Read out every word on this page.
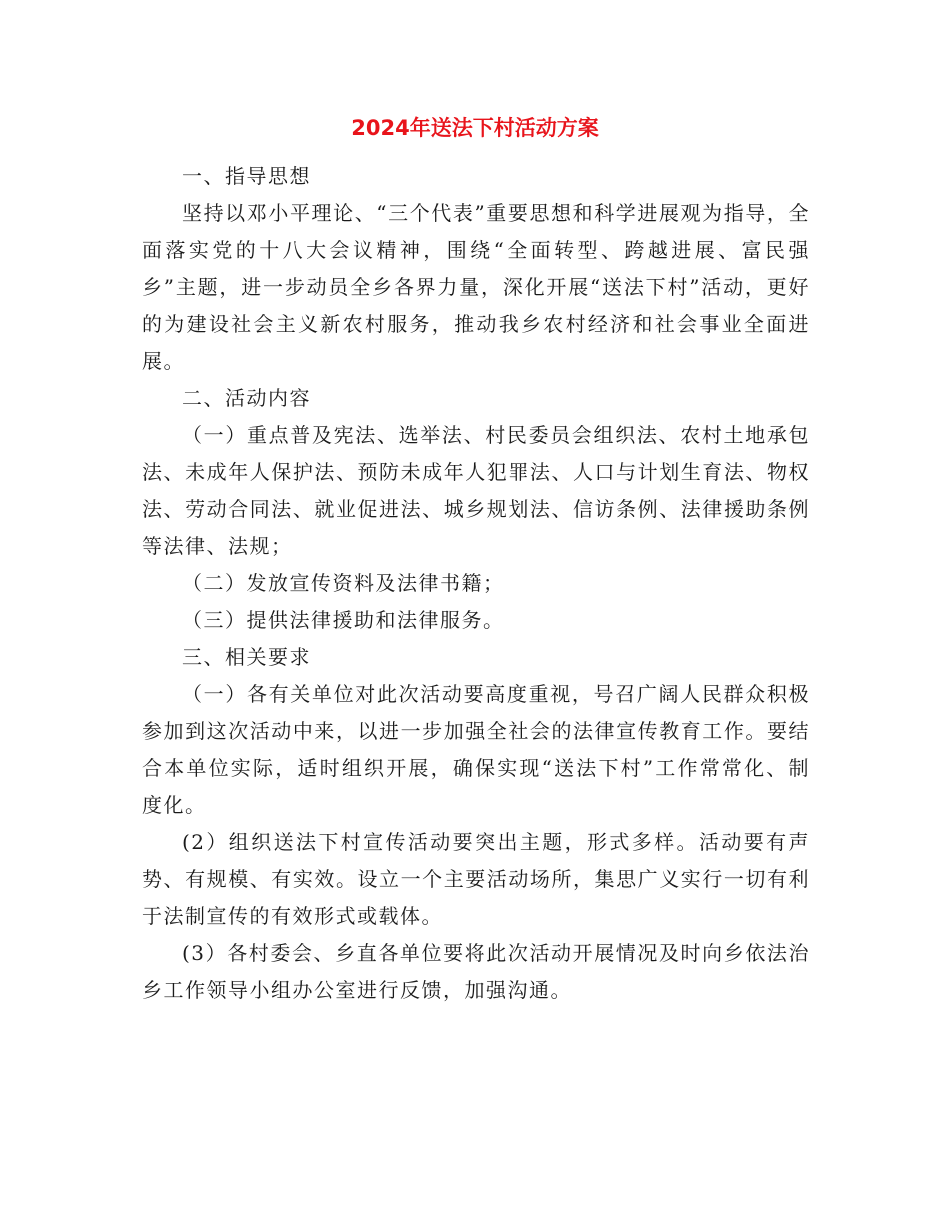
2024年送法下村活动方案

一、指导思想

坚持以邓小平理论、“三个代表”重要思想和科学进展观为指导，全面落实党的十八大会议精神，围绕“全面转型、跨越进展、富民强乡”主题，进一步动员全乡各界力量，深化开展“送法下村”活动，更好的为建设社会主义新农村服务，推动我乡农村经济和社会事业全面进展。

二、活动内容

（一）重点普及宪法、选举法、村民委员会组织法、农村土地承包法、未成年人保护法、预防未成年人犯罪法、人口与计划生育法、物权法、劳动合同法、就业促进法、城乡规划法、信访条例、法律援助条例等法律、法规；

（二）发放宣传资料及法律书籍；

（三）提供法律援助和法律服务。

三、相关要求

（一）各有关单位对此次活动要高度重视，号召广阔人民群众积极参加到这次活动中来，以进一步加强全社会的法律宣传教育工作。要结合本单位实际，适时组织开展，确保实现“送法下村”工作常常化、制度化。

(2）组织送法下村宣传活动要突出主题，形式多样。活动要有声势、有规模、有实效。设立一个主要活动场所，集思广义实行一切有利于法制宣传的有效形式或载体。

(3）各村委会、乡直各单位要将此次活动开展情况及时向乡依法治乡工作领导小组办公室进行反馈，加强沟通。
